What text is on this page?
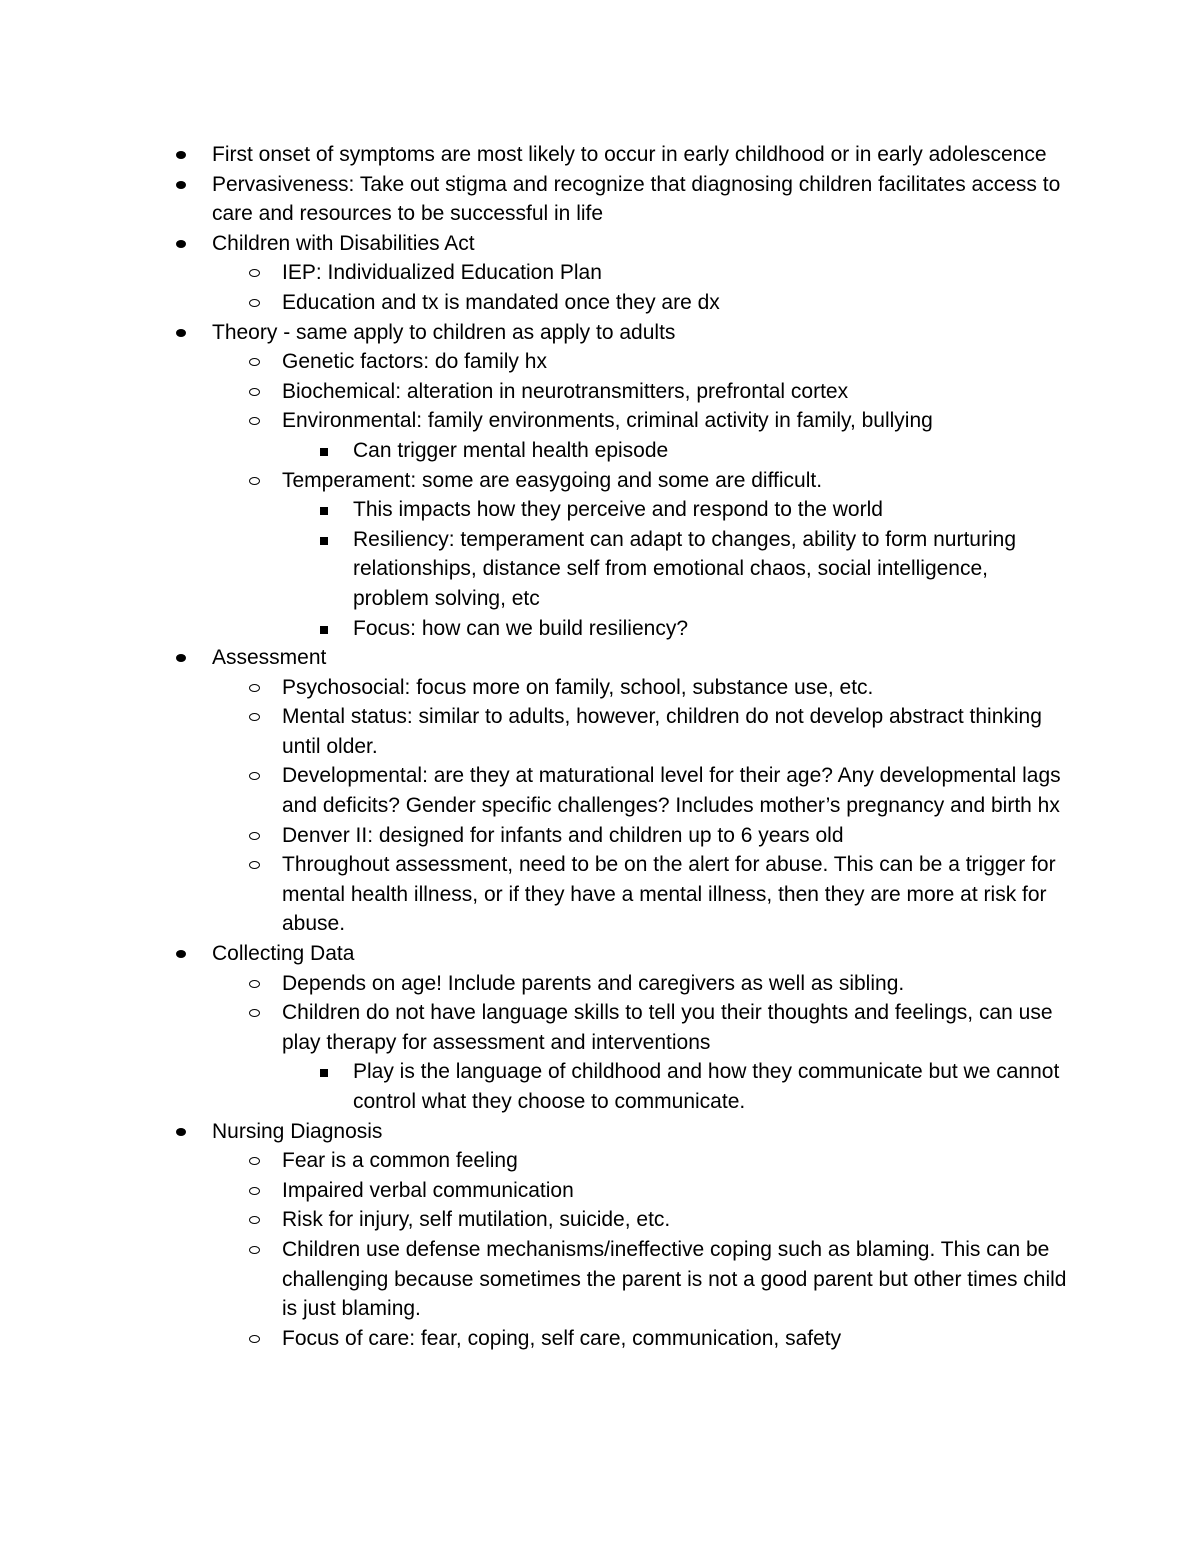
First onset of symptoms are most likely to occur in early childhood or in early adolescence
Pervasiveness: Take out stigma and recognize that diagnosing children facilitates access to care and resources to be successful in life
Children with Disabilities Act
IEP: Individualized Education Plan
Education and tx is mandated once they are dx
Theory - same apply to children as apply to adults
Genetic factors: do family hx
Biochemical: alteration in neurotransmitters, prefrontal cortex
Environmental: family environments, criminal activity in family, bullying
Can trigger mental health episode
Temperament: some are easygoing and some are difficult.
This impacts how they perceive and respond to the world
Resiliency: temperament can adapt to changes, ability to form nurturing relationships, distance self from emotional chaos, social intelligence, problem solving, etc
Focus: how can we build resiliency?
Assessment
Psychosocial: focus more on family, school, substance use, etc.
Mental status: similar to adults, however, children do not develop abstract thinking until older.
Developmental: are they at maturational level for their age? Any developmental lags and deficits? Gender specific challenges? Includes mother’s pregnancy and birth hx
Denver II: designed for infants and children up to 6 years old
Throughout assessment, need to be on the alert for abuse. This can be a trigger for mental health illness, or if they have a mental illness, then they are more at risk for abuse.
Collecting Data
Depends on age! Include parents and caregivers as well as sibling.
Children do not have language skills to tell you their thoughts and feelings, can use play therapy for assessment and interventions
Play is the language of childhood and how they communicate but we cannot control what they choose to communicate.
Nursing Diagnosis
Fear is a common feeling
Impaired verbal communication
Risk for injury, self mutilation, suicide, etc.
Children use defense mechanisms/ineffective coping such as blaming. This can be challenging because sometimes the parent is not a good parent but other times child is just blaming.
Focus of care: fear, coping, self care, communication, safety
